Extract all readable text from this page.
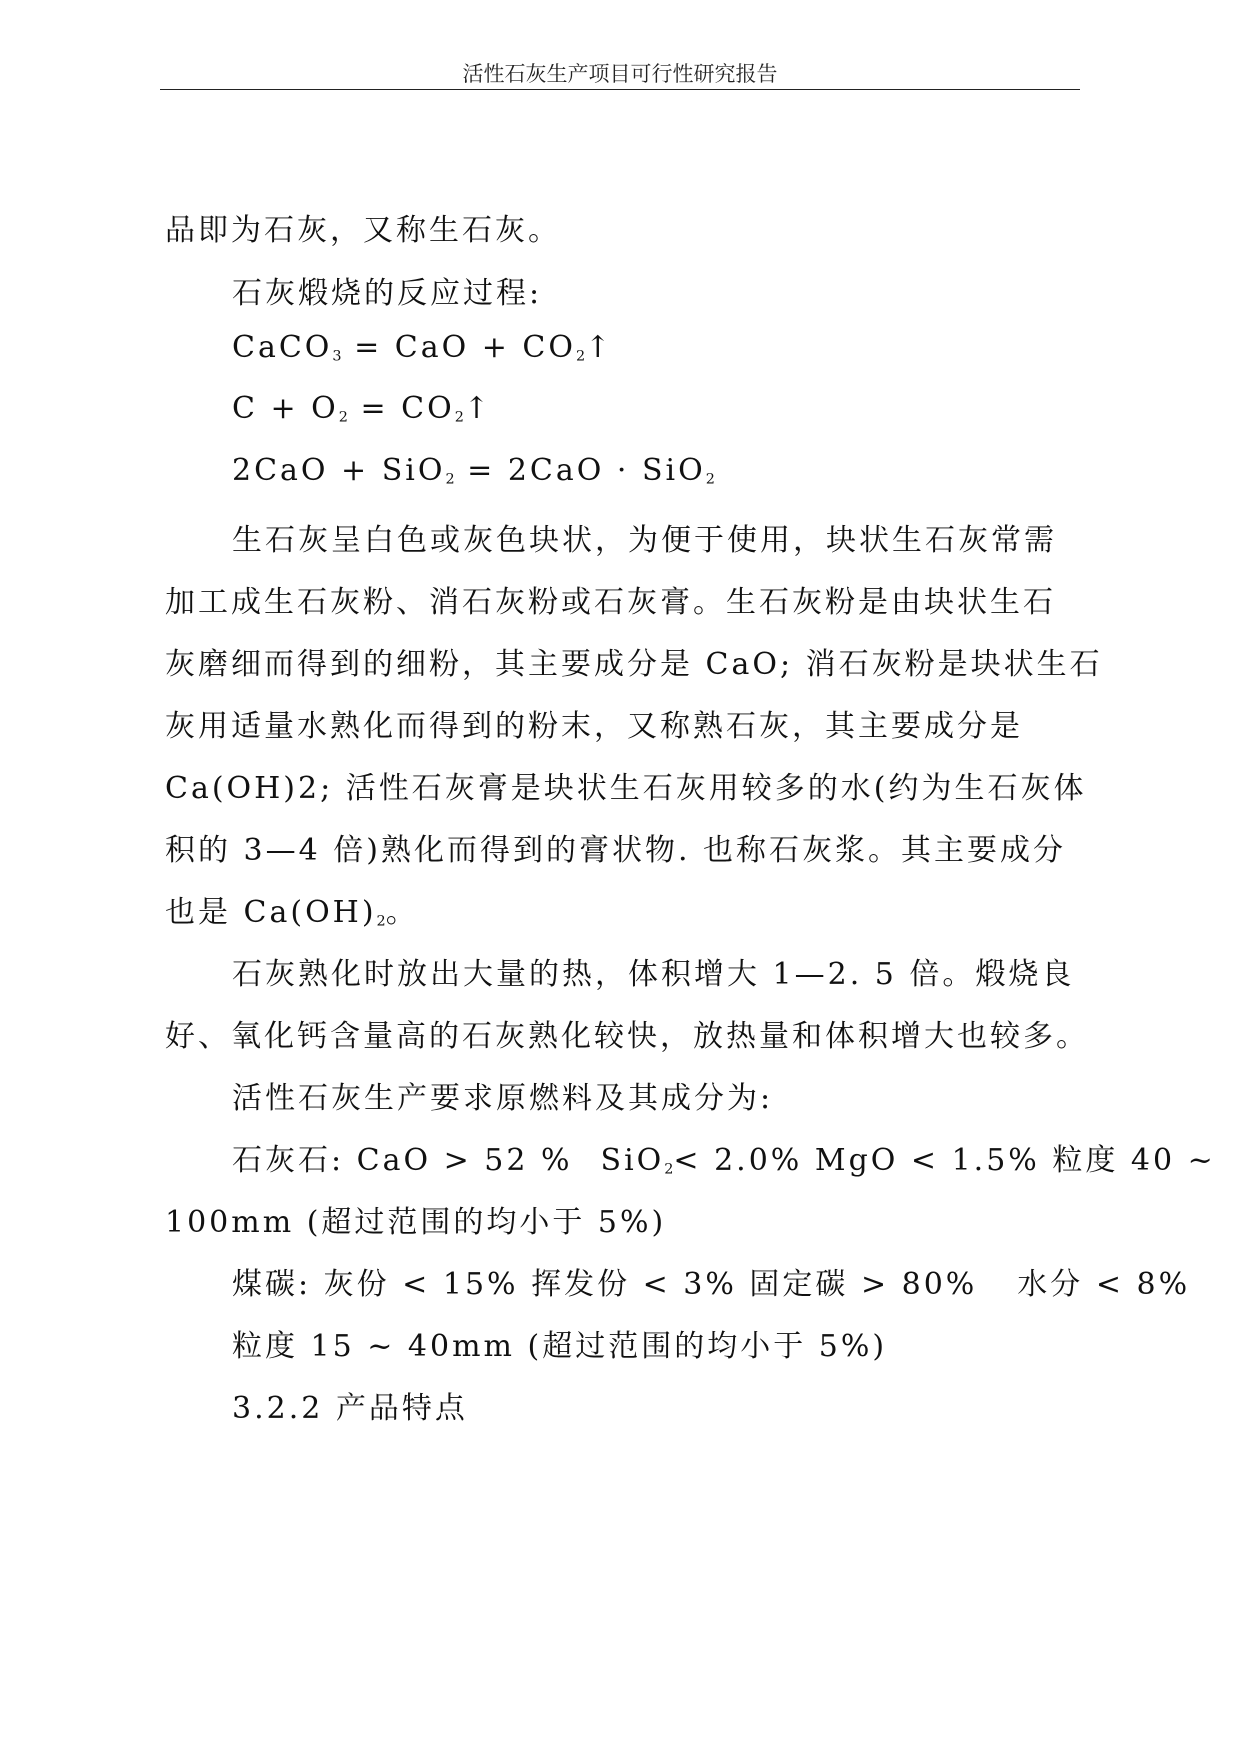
活性石灰生产项目可行性研究报告
品即为石灰，又称生石灰。
石灰煅烧的反应过程:
CaCO$_3$ = CaO + $CO_2↑$
$C + O_2$ = $CO_2↑$
2CaO + SiO$_2$ = 2CaO · SiO$_2$
生石灰呈白色或灰色块状，为便于使用，块状生石灰常需
加工成生石灰粉、消石灰粉或石灰膏。生石灰粉是由块状生石
灰磨细而得到的细粉，其主要成分是 CaO; 消石灰粉是块状生石
灰用适量水熟化而得到的粉末，又称熟石灰，其主要成分是
Ca(OH)2; 活性石灰膏是块状生石灰用较多的水(约为生石灰体
积的 3—4 倍)熟化而得到的膏状物. 也称石灰浆。其主要成分
也是 $Ca(OH)_2$。
石灰熟化时放出大量的热，体积增大 1—2. 5 倍。煅烧良
好、氧化钙含量高的石灰熟化较快，放热量和体积增大也较多。
活性石灰生产要求原燃料及其成分为:
石灰石: CaO > 52 % SiO$_2$< 2.0% MgO < 1.5% 粒度 40 ~
100mm (超过范围的均小于 5%)
煤碳: 灰份 < 15% 挥发份 < 3% 固定碳 > 80% 水分 < 8%
粒度 15 ~ 40mm (超过范围的均小于 5%)
3.2.2 产品特点
